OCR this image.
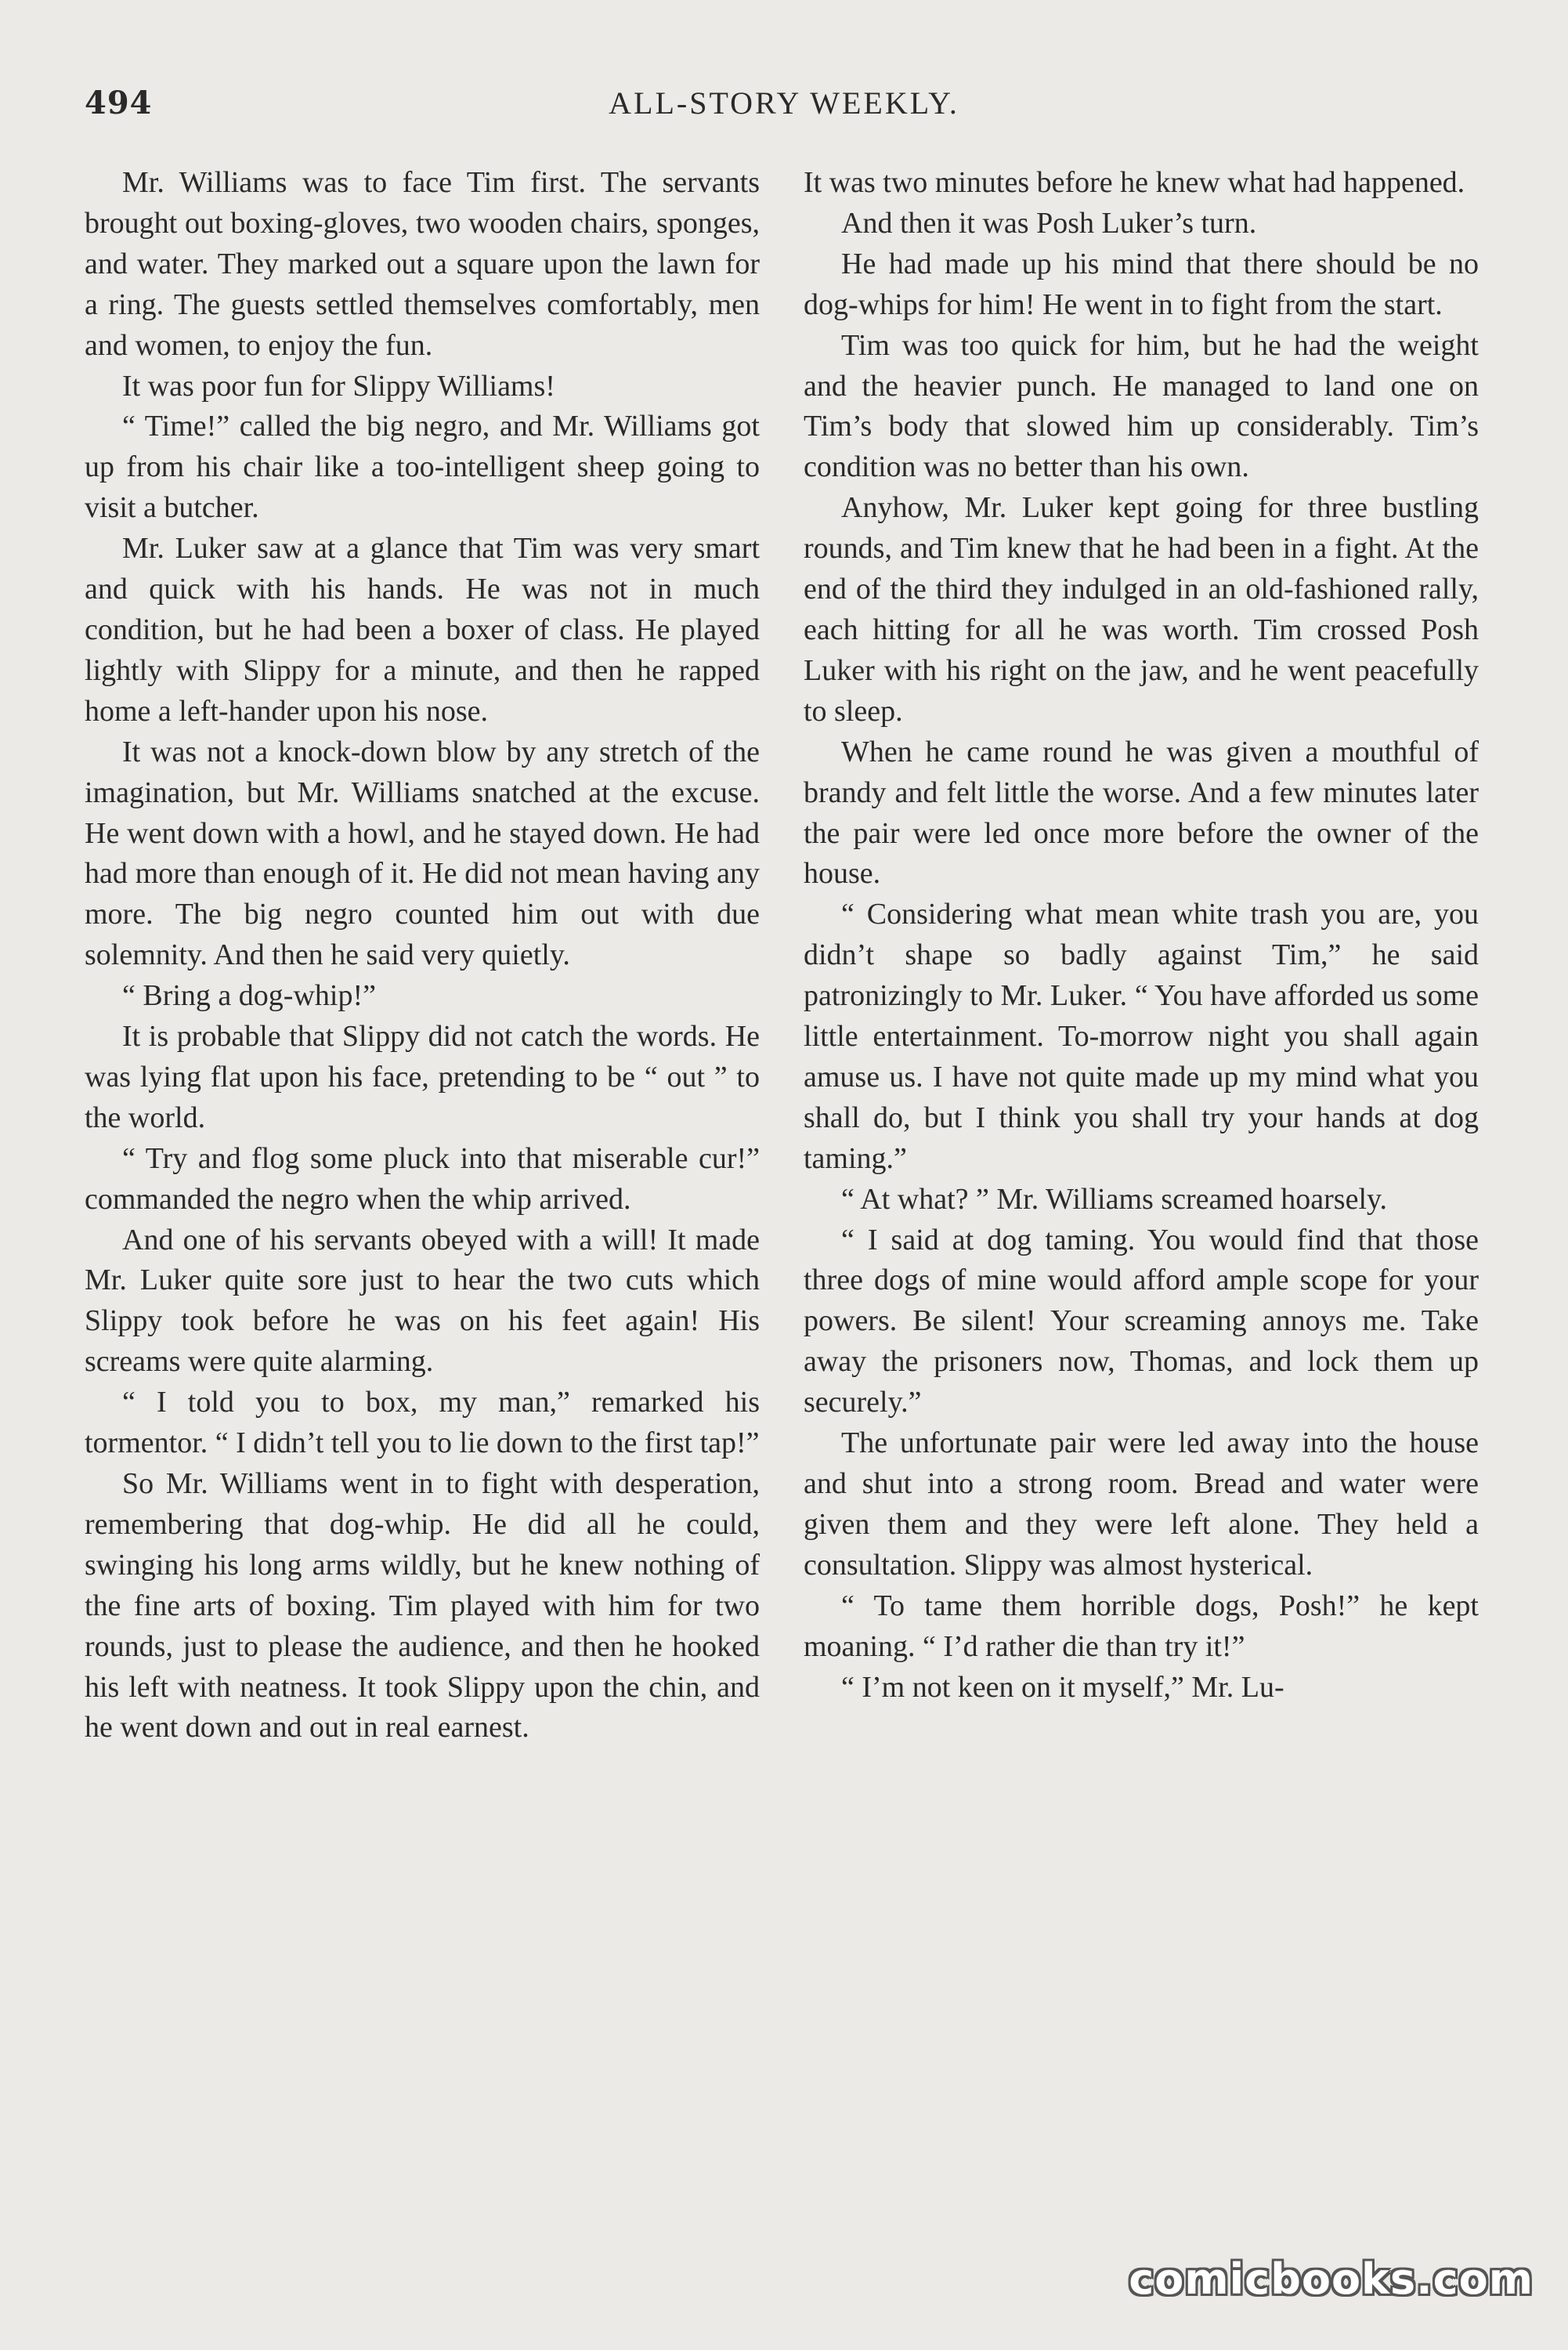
494	ALL-STORY WEEKLY.

Mr. Williams was to face Tim first. The servants brought out boxing-gloves, two wooden chairs, sponges, and water. They marked out a square upon the lawn for a ring. The guests settled themselves comfortably, men and women, to enjoy the fun.

It was poor fun for Slippy Williams!

“ Time!” called the big negro, and Mr. Williams got up from his chair like a too-intelligent sheep going to visit a butcher.

Mr. Luker saw at a glance that Tim was very smart and quick with his hands. He was not in much condition, but he had been a boxer of class. He played lightly with Slippy for a minute, and then he rapped home a left-hander upon his nose.

It was not a knock-down blow by any stretch of the imagination, but Mr. Williams snatched at the excuse. He went down with a howl, and he stayed down. He had had more than enough of it. He did not mean having any more. The big negro counted him out with due solemnity. And then he said very quietly.

“ Bring a dog-whip!”

It is probable that Slippy did not catch the words. He was lying flat upon his face, pretending to be “ out ” to the world.

“ Try and flog some pluck into that miserable cur!” commanded the negro when the whip arrived.

And one of his servants obeyed with a will! It made Mr. Luker quite sore just to hear the two cuts which Slippy took before he was on his feet again! His screams were quite alarming.

“ I told you to box, my man,” remarked his tormentor. “ I didn’t tell you to lie down to the first tap!”

So Mr. Williams went in to fight with desperation, remembering that dog-whip. He did all he could, swinging his long arms wildly, but he knew nothing of the fine arts of boxing. Tim played with him for two rounds, just to please the audience, and then he hooked his left with neatness. It took Slippy upon the chin, and he went down and out in real earnest.

It was two minutes before he knew what had happened.

And then it was Posh Luker’s turn.

He had made up his mind that there should be no dog-whips for him! He went in to fight from the start.

Tim was too quick for him, but he had the weight and the heavier punch. He managed to land one on Tim’s body that slowed him up considerably. Tim’s condition was no better than his own.

Anyhow, Mr. Luker kept going for three bustling rounds, and Tim knew that he had been in a fight. At the end of the third they indulged in an old-fashioned rally, each hitting for all he was worth. Tim crossed Posh Luker with his right on the jaw, and he went peacefully to sleep.

When he came round he was given a mouthful of brandy and felt little the worse. And a few minutes later the pair were led once more before the owner of the house.

“ Considering what mean white trash you are, you didn’t shape so badly against Tim,” he said patronizingly to Mr. Luker. “ You have afforded us some little entertainment. To-morrow night you shall again amuse us. I have not quite made up my mind what you shall do, but I think you shall try your hands at dog taming.”

“ At what? ” Mr. Williams screamed hoarsely.

“ I said at dog taming. You would find that those three dogs of mine would afford ample scope for your powers. Be silent! Your screaming annoys me. Take away the prisoners now, Thomas, and lock them up securely.”

The unfortunate pair were led away into the house and shut into a strong room. Bread and water were given them and they were left alone. They held a consultation. Slippy was almost hysterical.

“ To tame them horrible dogs, Posh!” he kept moaning. “ I’d rather die than try it!”

“ I’m not keen on it myself,” Mr. Lu-

comicbooks.com
